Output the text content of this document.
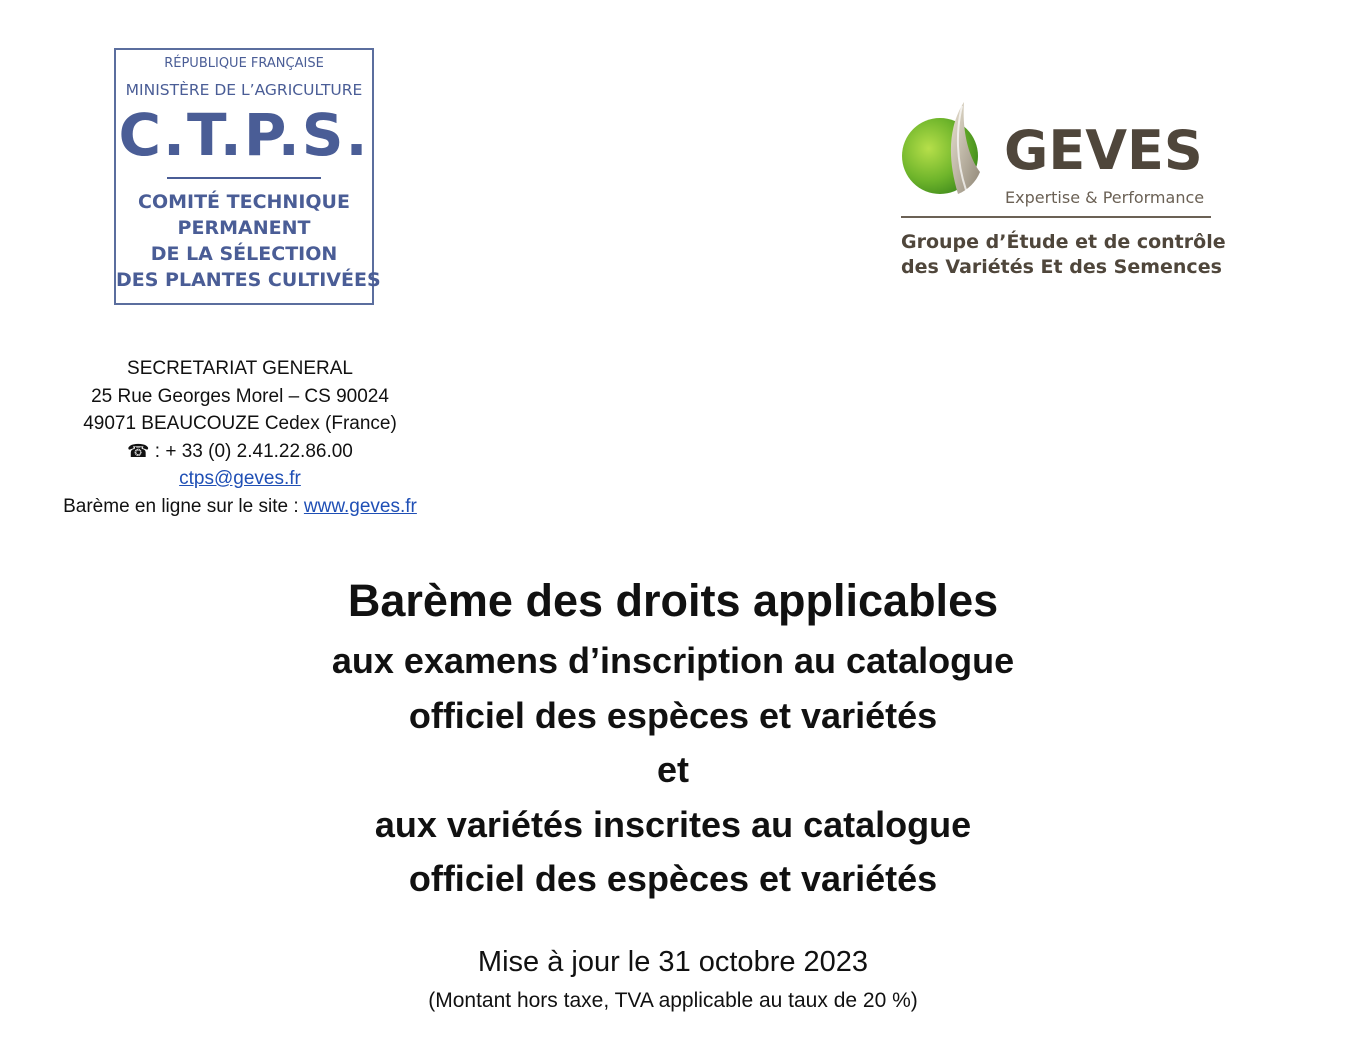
RÉPUBLIQUE FRANÇAISE
MINISTÈRE DE L’AGRICULTURE
C.T.P.S.
COMITÉ TECHNIQUE
PERMANENT
DE LA SÉLECTION
DES PLANTES CULTIVÉES
GEVES
Expertise & Performance
Groupe d’Étude et de contrôle
des Variétés Et des Semences
SECRETARIAT GENERAL
25 Rue Georges Morel – CS 90024
49071 BEAUCOUZE Cedex (France)
☎ : + 33 (0) 2.41.22.86.00
ctps@geves.fr
Barème en ligne sur le site : www.geves.fr
Barème des droits applicables
aux examens d’inscription au catalogue
officiel des espèces et variétés
et
aux variétés inscrites au catalogue
officiel des espèces et variétés
Mise à jour le 31 octobre 2023
(Montant hors taxe, TVA applicable au taux de 20 %)
